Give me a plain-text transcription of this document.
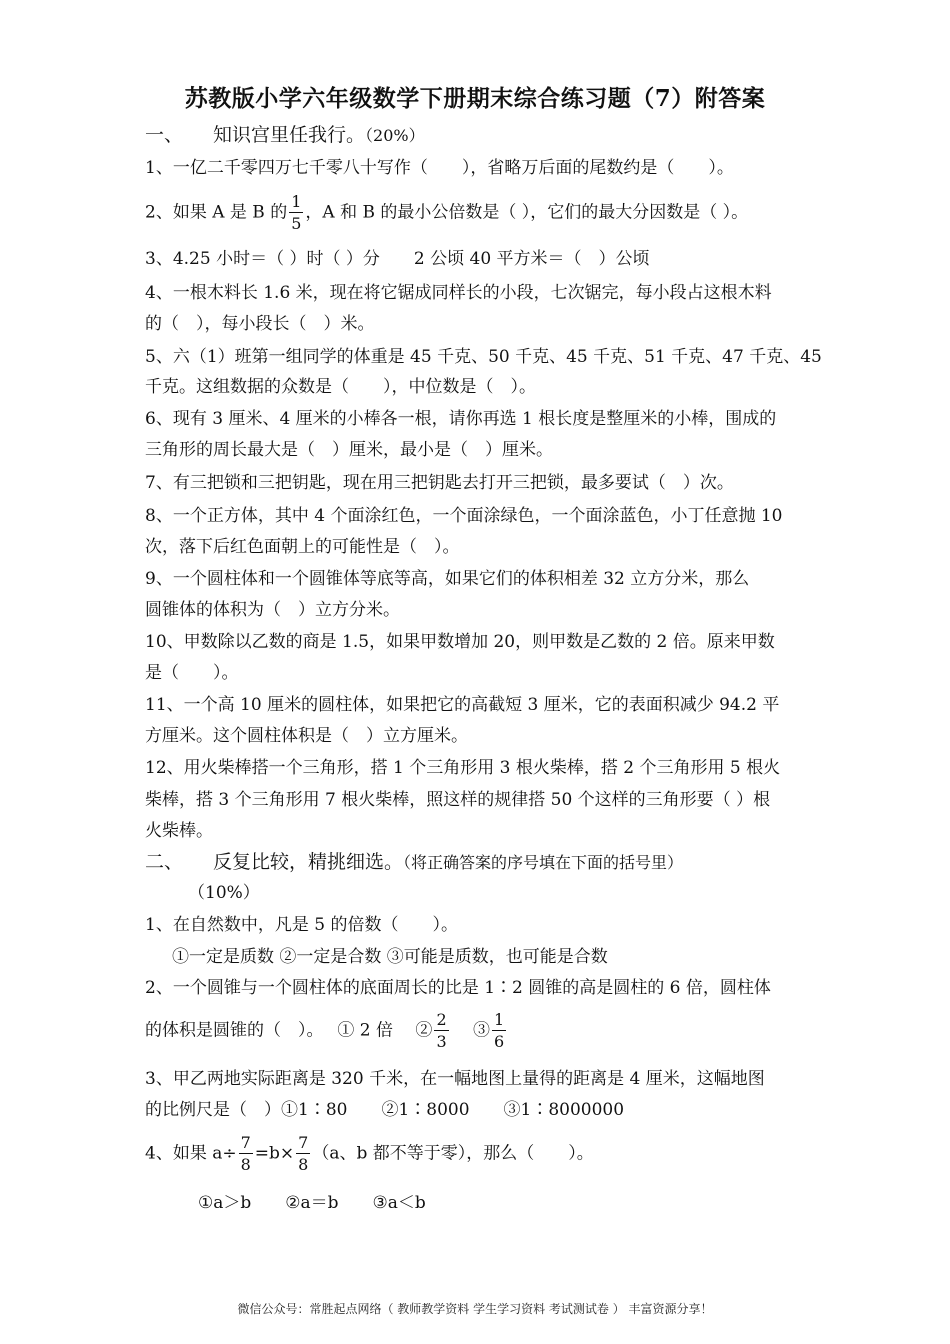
苏教版小学六年级数学下册期末综合练习题（7）附答案
一、 知识宫里任我行。（20%）
1、一亿二千零四万七千零八十写作（　　），省略万后面的尾数约是（　　）。
2、如果 A 是 B 的 $\frac{1}{5}$ ，A 和 B 的最小公倍数是（ ），它们的最大分因数是（ ）。
3、4.25 小时＝（ ）时（ ）分　　2 公顷 40 平方米＝（　）公顷
4、一根木料长 1.6 米，现在将它锯成同样长的小段，七次锯完，每小段占这根木料
的（　），每小段长（　）米。
5、六（1）班第一组同学的体重是 45 千克、50 千克、45 千克、51 千克、47 千克、45
千克。这组数据的众数是（　　），中位数是（　）。
6、现有 3 厘米、4 厘米的小棒各一根，请你再选 1 根长度是整厘米的小棒，围成的
三角形的周长最大是（　）厘米，最小是（　）厘米。
7、有三把锁和三把钥匙，现在用三把钥匙去打开三把锁，最多要试（　）次。
8、一个正方体，其中 4 个面涂红色，一个面涂绿色，一个面涂蓝色，小丁任意抛 10
次，落下后红色面朝上的可能性是（　）。
9、一个圆柱体和一个圆锥体等底等高，如果它们的体积相差 32 立方分米，那么
圆锥体的体积为（　）立方分米。
10、甲数除以乙数的商是 1.5，如果甲数增加 20，则甲数是乙数的 2 倍。原来甲数
是（　　）。
11、一个高 10 厘米的圆柱体，如果把它的高截短 3 厘米，它的表面积减少 94.2 平
方厘米。这个圆柱体积是（　）立方厘米。
12、用火柴棒搭一个三角形，搭 1 个三角形用 3 根火柴棒，搭 2 个三角形用 5 根火
柴棒，搭 3 个三角形用 7 根火柴棒，照这样的规律搭 50 个这样的三角形要（ ）根
火柴棒。
二、 反复比较，精挑细选。（将正确答案的序号填在下面的括号里）
（10%）
1、在自然数中，凡是 5 的倍数（　　）。
①一定是质数 ②一定是合数 ③可能是质数，也可能是合数
2、一个圆锥与一个圆柱体的底面周长的比是 1∶2 圆锥的高是圆柱的 6 倍，圆柱体
的体积是圆锥的（　）。　 ① 2 倍　 ② $\frac{2}{3}$ 　 ③ $\frac{1}{6}$
3、甲乙两地实际距离是 320 千米，在一幅地图上量得的距离是 4 厘米，这幅地图
的比例尺是（　）①1∶80　　②1∶8000　　③1∶8000000
4、如果 $a\div \frac{7}{8} =b\times \frac{7}{8} (a$、b 都不等于零），那么（　　）。
①a＞b　　②a＝b　　③a＜b
微信公众号：常胜起点网络（ 教师教学资料 学生学习资料 考试测试卷 ） 丰富资源分享！
